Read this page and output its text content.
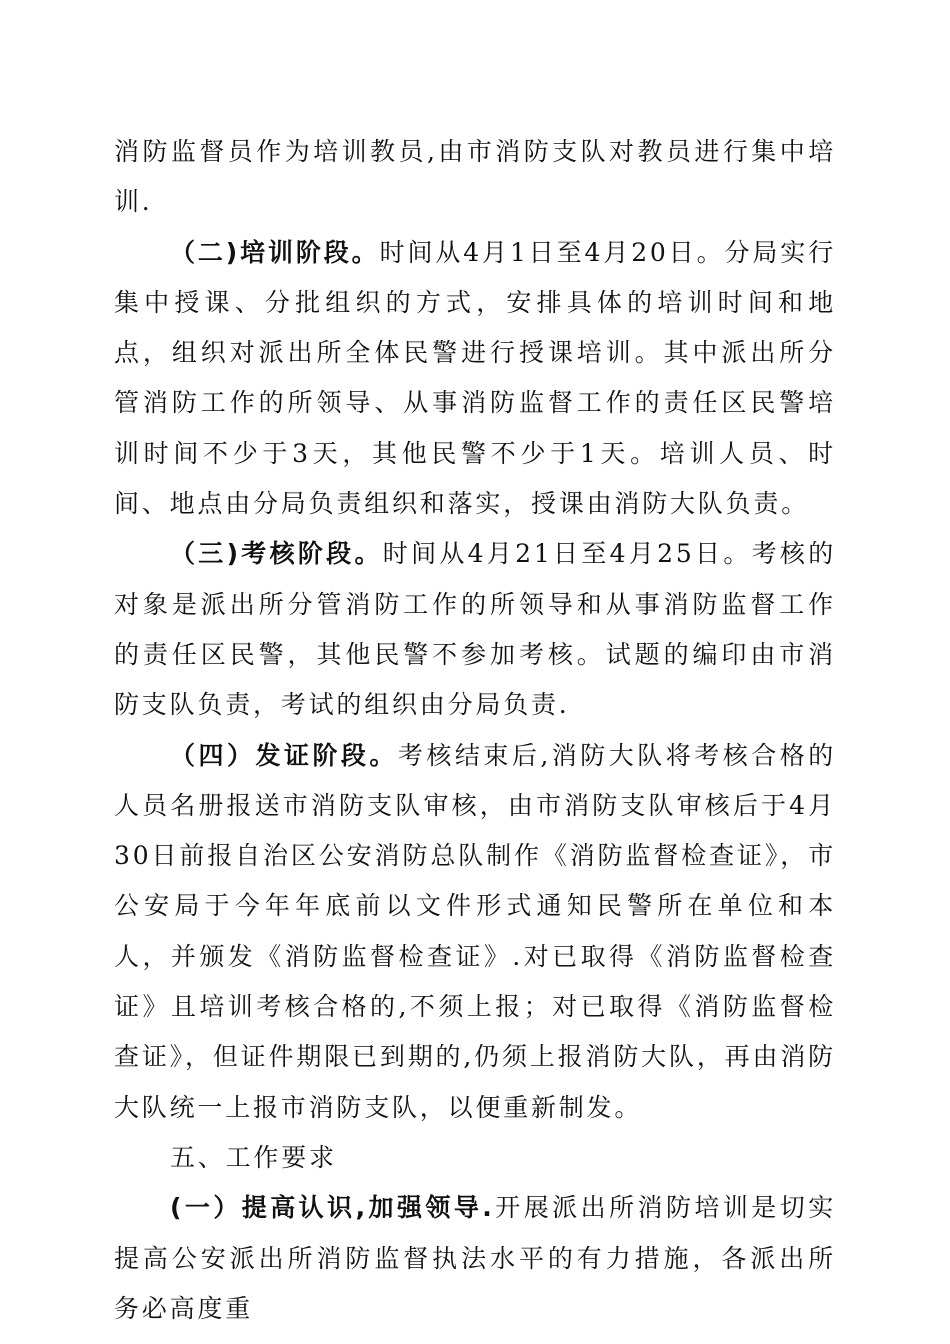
消防监督员作为培训教员,由市消防支队对教员进行集中培训.

（二)培训阶段。时间从4月1日至4月20日。分局实行集中授课、分批组织的方式，安排具体的培训时间和地点，组织对派出所全体民警进行授课培训。其中派出所分管消防工作的所领导、从事消防监督工作的责任区民警培训时间不少于3天，其他民警不少于1天。培训人员、时间、地点由分局负责组织和落实，授课由消防大队负责。

（三)考核阶段。时间从4月21日至4月25日。考核的对象是派出所分管消防工作的所领导和从事消防监督工作的责任区民警，其他民警不参加考核。试题的编印由市消防支队负责，考试的组织由分局负责.

（四）发证阶段。考核结束后,消防大队将考核合格的人员名册报送市消防支队审核，由市消防支队审核后于4月30日前报自治区公安消防总队制作《消防监督检查证》，市公安局于今年年底前以文件形式通知民警所在单位和本人，并颁发《消防监督检查证》.对已取得《消防监督检查证》且培训考核合格的,不须上报；对已取得《消防监督检查证》，但证件期限已到期的,仍须上报消防大队，再由消防大队统一上报市消防支队，以便重新制发。

五、工作要求

(一）提高认识,加强领导.开展派出所消防培训是切实提高公安派出所消防监督执法水平的有力措施，各派出所务必高度重
